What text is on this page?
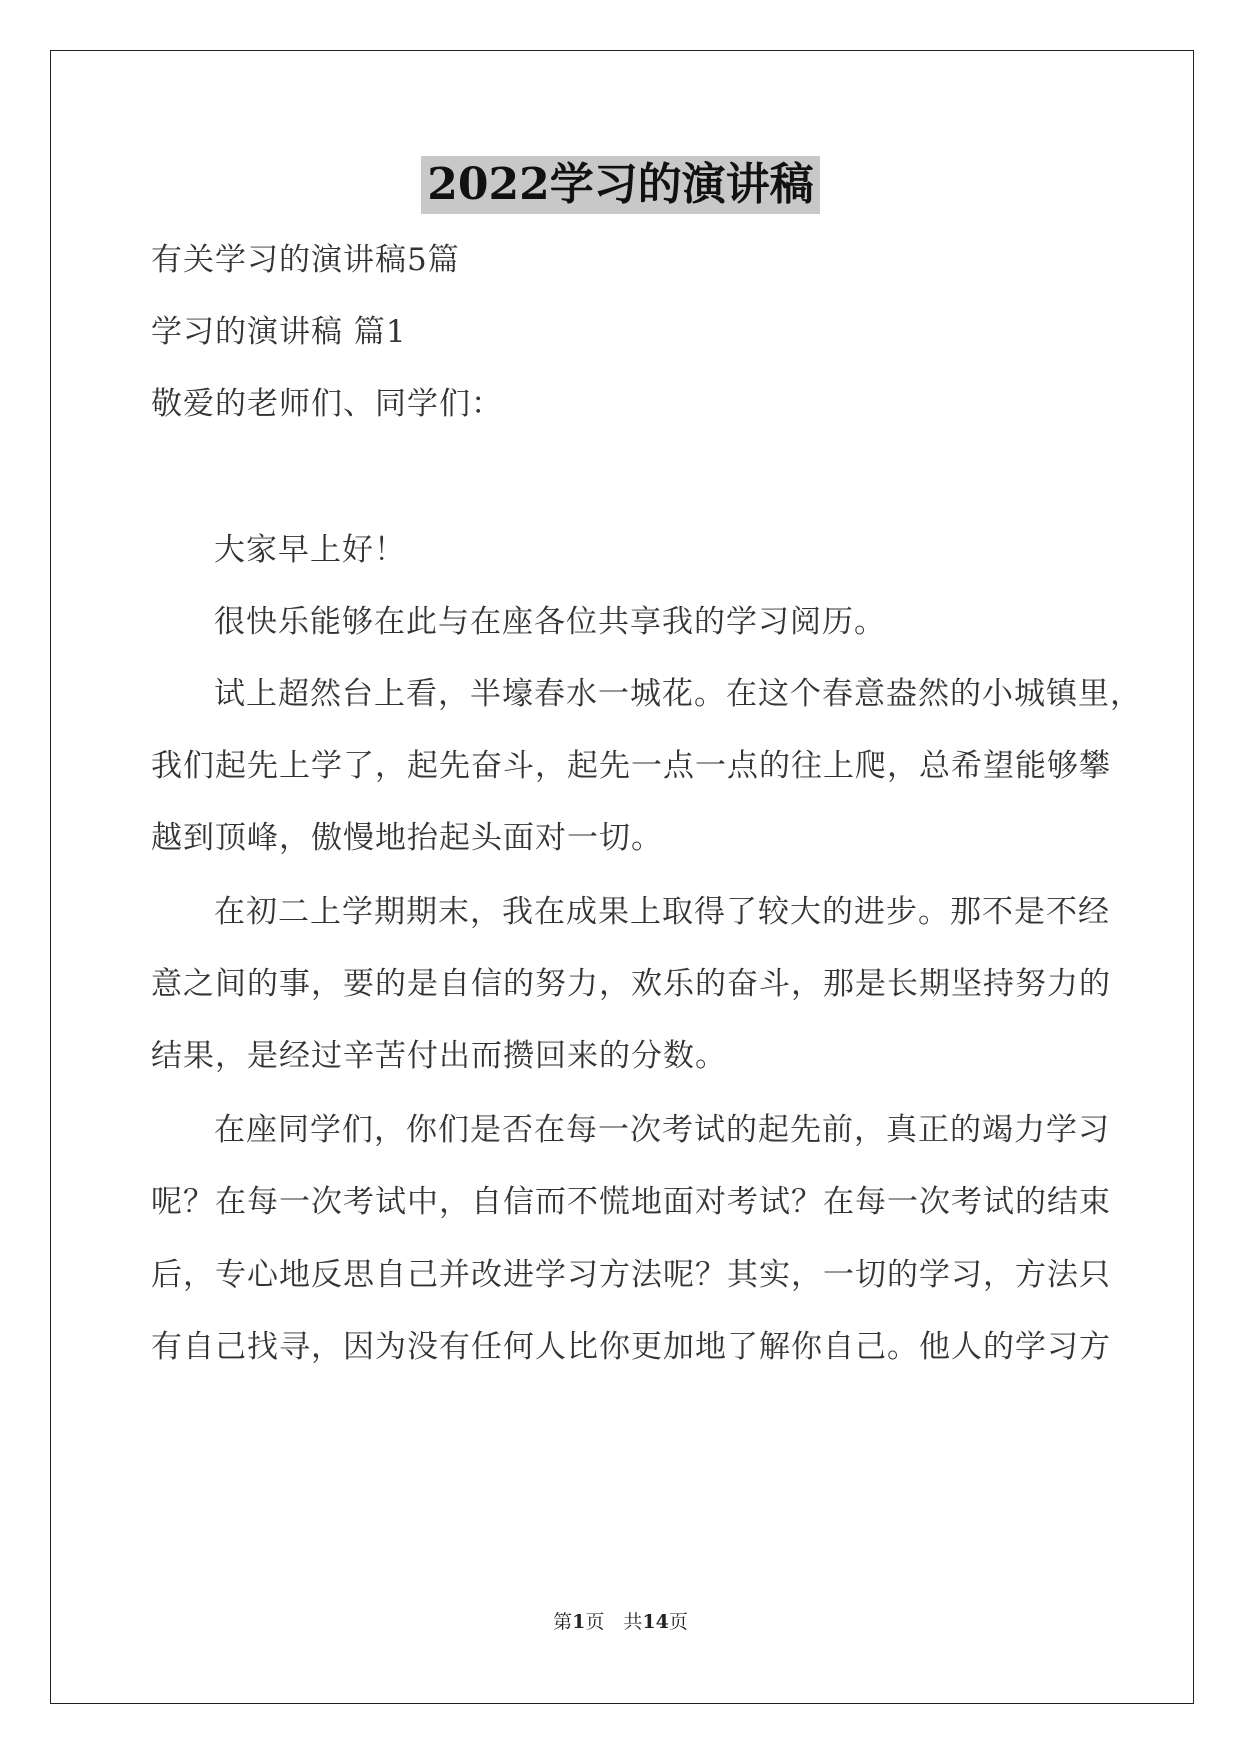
2022学习的演讲稿
有关学习的演讲稿5篇
学习的演讲稿 篇1
敬爱的老师们、同学们：
大家早上好！
很快乐能够在此与在座各位共享我的学习阅历。
试上超然台上看，半壕春水一城花。在这个春意盎然的小城镇里，
我们起先上学了，起先奋斗，起先一点一点的往上爬，总希望能够攀
越到顶峰，傲慢地抬起头面对一切。
在初二上学期期末，我在成果上取得了较大的进步。那不是不经
意之间的事，要的是自信的努力，欢乐的奋斗，那是长期坚持努力的
结果，是经过辛苦付出而攒回来的分数。
在座同学们，你们是否在每一次考试的起先前，真正的竭力学习
呢？在每一次考试中，自信而不慌地面对考试？在每一次考试的结束
后，专心地反思自己并改进学习方法呢？其实，一切的学习，方法只
有自己找寻，因为没有任何人比你更加地了解你自己。他人的学习方
第1页　共14页
